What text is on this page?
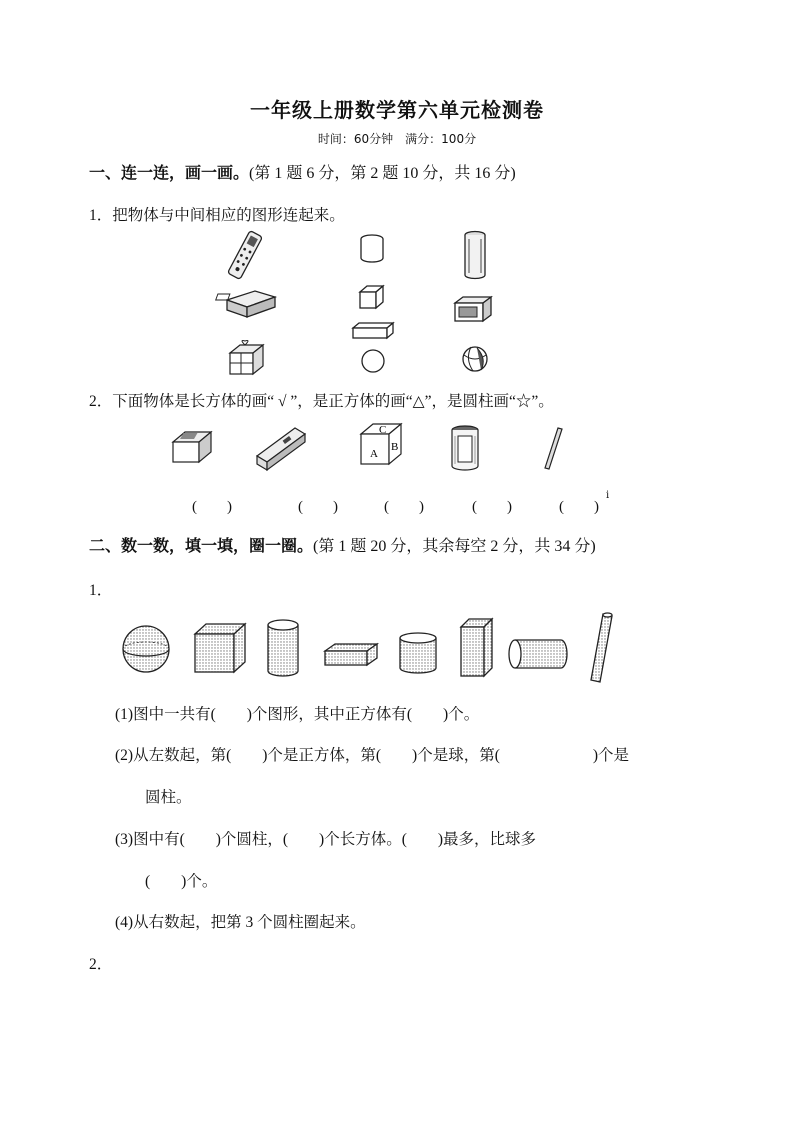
一年级上册数学第六单元检测卷
时间：60分钟　满分：100分
一、连一连，画一画。(第 1 题 6 分，第 2 题 10 分，共 16 分)
1．把物体与中间相应的图形连起来。
2．下面物体是长方体的画“ √ ”，是正方体的画“△”，是圆柱画“☆”。
C
A
B
(　　)	(　　)	(　　)	(　　)	(　　)
i
二、数一数，填一填，圈一圈。(第 1 题 20 分，其余每空 2 分，共 34 分)
1．
(1)图中一共有(　　)个图形，其中正方体有(　　)个。
(2)从左数起，第(　　)个是正方体，第(　　)个是球，第(　　　　　　)个是
圆柱。
(3)图中有(　　)个圆柱，(　　)个长方体。(　　)最多，比球多
(　　)个。
(4)从右数起，把第 3 个圆柱圈起来。
2．
